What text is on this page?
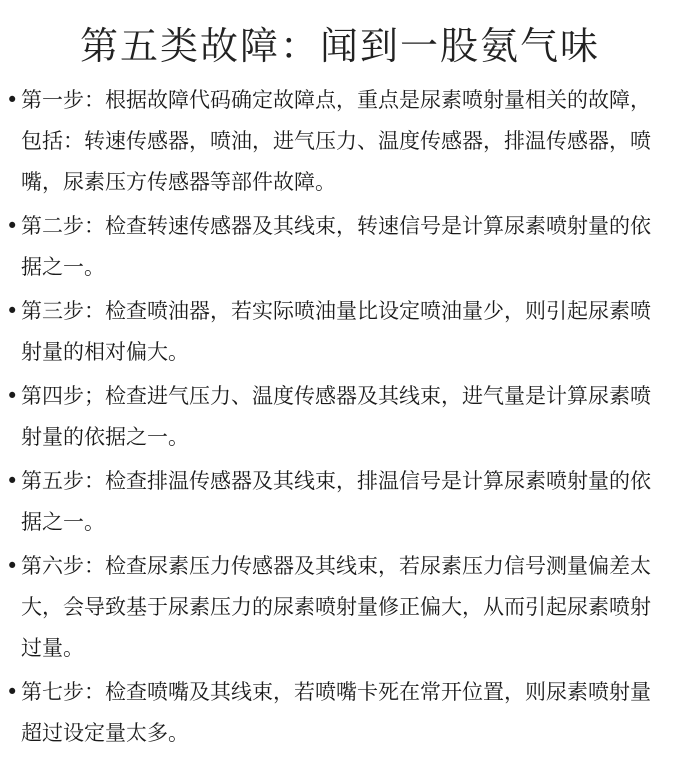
第五类故障：闻到一股氨气味
• 第一步：根据故障代码确定故障点，重点是尿素喷射量相关的故障，包括：转速传感器，喷油，进气压力、温度传感器，排温传感器，喷嘴，尿素压方传感器等部件故障。
• 第二步：检查转速传感器及其线束，转速信号是计算尿素喷射量的依据之一。
• 第三步：检查喷油器，若实际喷油量比设定喷油量少，则引起尿素喷射量的相对偏大。
• 第四步；检查进气压力、温度传感器及其线束，进气量是计算尿素喷射量的依据之一。
• 第五步：检查排温传感器及其线束，排温信号是计算尿素喷射量的依据之一。
• 第六步：检查尿素压力传感器及其线束，若尿素压力信号测量偏差太大，会导致基于尿素压力的尿素喷射量修正偏大，从而引起尿素喷射过量。
• 第七步：检查喷嘴及其线束，若喷嘴卡死在常开位置，则尿素喷射量超过设定量太多。
